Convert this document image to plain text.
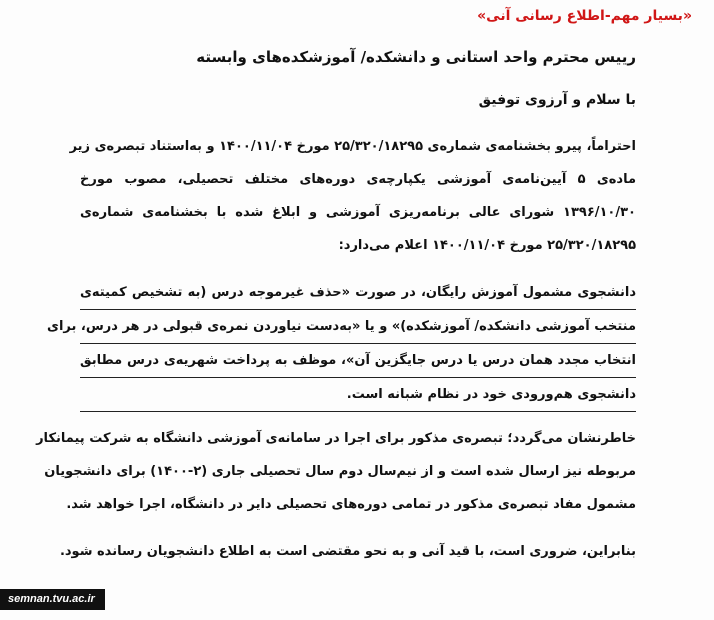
«بسیار مهم-اطلاع رسانی آنی»
رییس محترم واحد استانی و دانشکده/ آموزشکده‌های وابسته
با سلام و آرزوی توفیق
احتراماً، پیرو بخشنامه‌ی شماره‌ی ۲۵/۳۲۰/۱۸۲۹۵ مورخ ۱۴۰۰/۱۱/۰۴ و به‌استناد تبصره‌ی زیر
ماده‌ی ۵ آیین‌نامه‌ی آموزشی یکپارچه‌ی دوره‌های مختلف تحصیلی، مصوب مورخ
۱۳۹۶/۱۰/۳۰ شورای عالی برنامه‌ریزی آموزشی و ابلاغ شده با بخشنامه‌ی شماره‌ی
۲۵/۳۲۰/۱۸۲۹۵ مورخ ۱۴۰۰/۱۱/۰۴ اعلام می‌دارد:
دانشجوی مشمول آموزش رایگان، در صورت «حذف غیرموجه درس (به تشخیص کمیته‌ی
منتخب آموزشی دانشکده/ آموزشکده)» و یا «به‌دست نیاوردن نمره‌ی قبولی در هر درس، برای
انتخاب مجدد همان درس یا درس جایگزین آن»، موظف به پرداخت شهریه‌ی درس مطابق
دانشجوی هم‌ورودی خود در نظام شبانه است.
خاطرنشان می‌گردد؛ تبصره‌ی مذکور برای اجرا در سامانه‌ی آموزشی دانشگاه به شرکت پیمانکار
مربوطه نیز ارسال شده است و از نیم‌سال دوم سال تحصیلی جاری (۲-۱۴۰۰) برای دانشجویان
مشمول مفاد تبصره‌ی مذکور در تمامی دوره‌های تحصیلی دایر در دانشگاه، اجرا خواهد شد.
بنابراین، ضروری است، با قید آنی و به نحو مقتضی است به اطلاع دانشجویان رسانده شود.
semnan.tvu.ac.ir
